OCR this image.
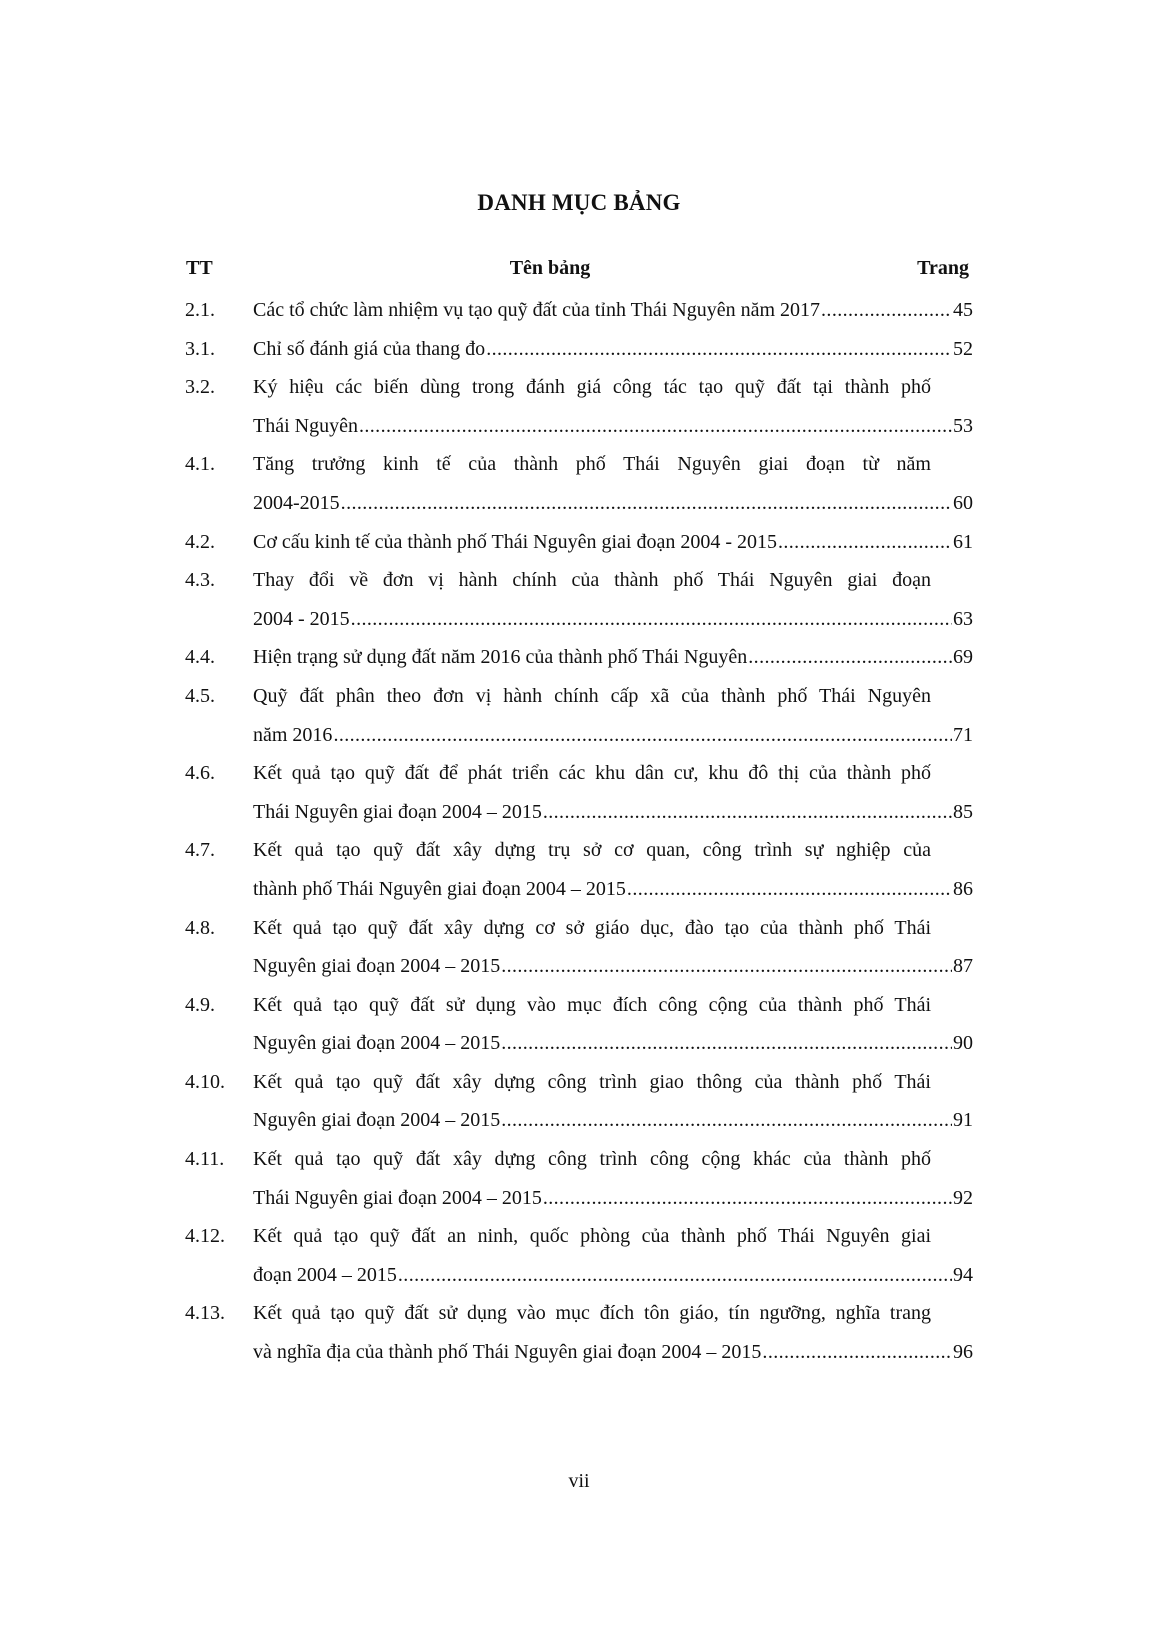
DANH MỤC BẢNG
TT	Tên bảng	Trang
2.1. Các tổ chức làm nhiệm vụ tạo quỹ đất của tỉnh Thái Nguyên năm 2017 .....	45
3.1. Chỉ số đánh giá của thang đo .....	52
3.2. Ký hiệu các biến dùng trong đánh giá công tác tạo quỹ đất tại thành phố
Thái Nguyên .....	53
4.1. Tăng trưởng kinh tế của thành phố Thái Nguyên giai đoạn từ năm
2004-2015 .....	60
4.2. Cơ cấu kinh tế của thành phố Thái Nguyên giai đoạn 2004 - 2015 .....	61
4.3. Thay đổi về đơn vị hành chính của thành phố Thái Nguyên giai đoạn
2004 - 2015 .....	63
4.4. Hiện trạng sử dụng đất năm 2016 của thành phố Thái Nguyên .....	69
4.5. Quỹ đất phân theo đơn vị hành chính cấp xã của thành phố Thái Nguyên
năm 2016 .....	71
4.6. Kết quả tạo quỹ đất để phát triển các khu dân cư, khu đô thị của thành phố
Thái Nguyên giai đoạn 2004 – 2015 .....	85
4.7. Kết quả tạo quỹ đất xây dựng trụ sở cơ quan, công trình sự nghiệp của
thành phố Thái Nguyên giai đoạn 2004 – 2015 .....	86
4.8. Kết quả tạo quỹ đất xây dựng cơ sở giáo dục, đào tạo của thành phố Thái
Nguyên giai đoạn 2004 – 2015 .....	87
4.9. Kết quả tạo quỹ đất sử dụng vào mục đích công cộng của thành phố Thái
Nguyên giai đoạn 2004 – 2015 .....	90
4.10. Kết quả tạo quỹ đất xây dựng công trình giao thông của thành phố Thái
Nguyên giai đoạn 2004 – 2015 .....	91
4.11. Kết quả tạo quỹ đất xây dựng công trình công cộng khác của thành phố
Thái Nguyên giai đoạn 2004 – 2015 .....	92
4.12. Kết quả tạo quỹ đất an ninh, quốc phòng của thành phố Thái Nguyên giai
đoạn 2004 – 2015 .....	94
4.13. Kết quả tạo quỹ đất sử dụng vào mục đích tôn giáo, tín ngưỡng, nghĩa trang
và nghĩa địa của thành phố Thái Nguyên giai đoạn 2004 – 2015 .....	96
vii
